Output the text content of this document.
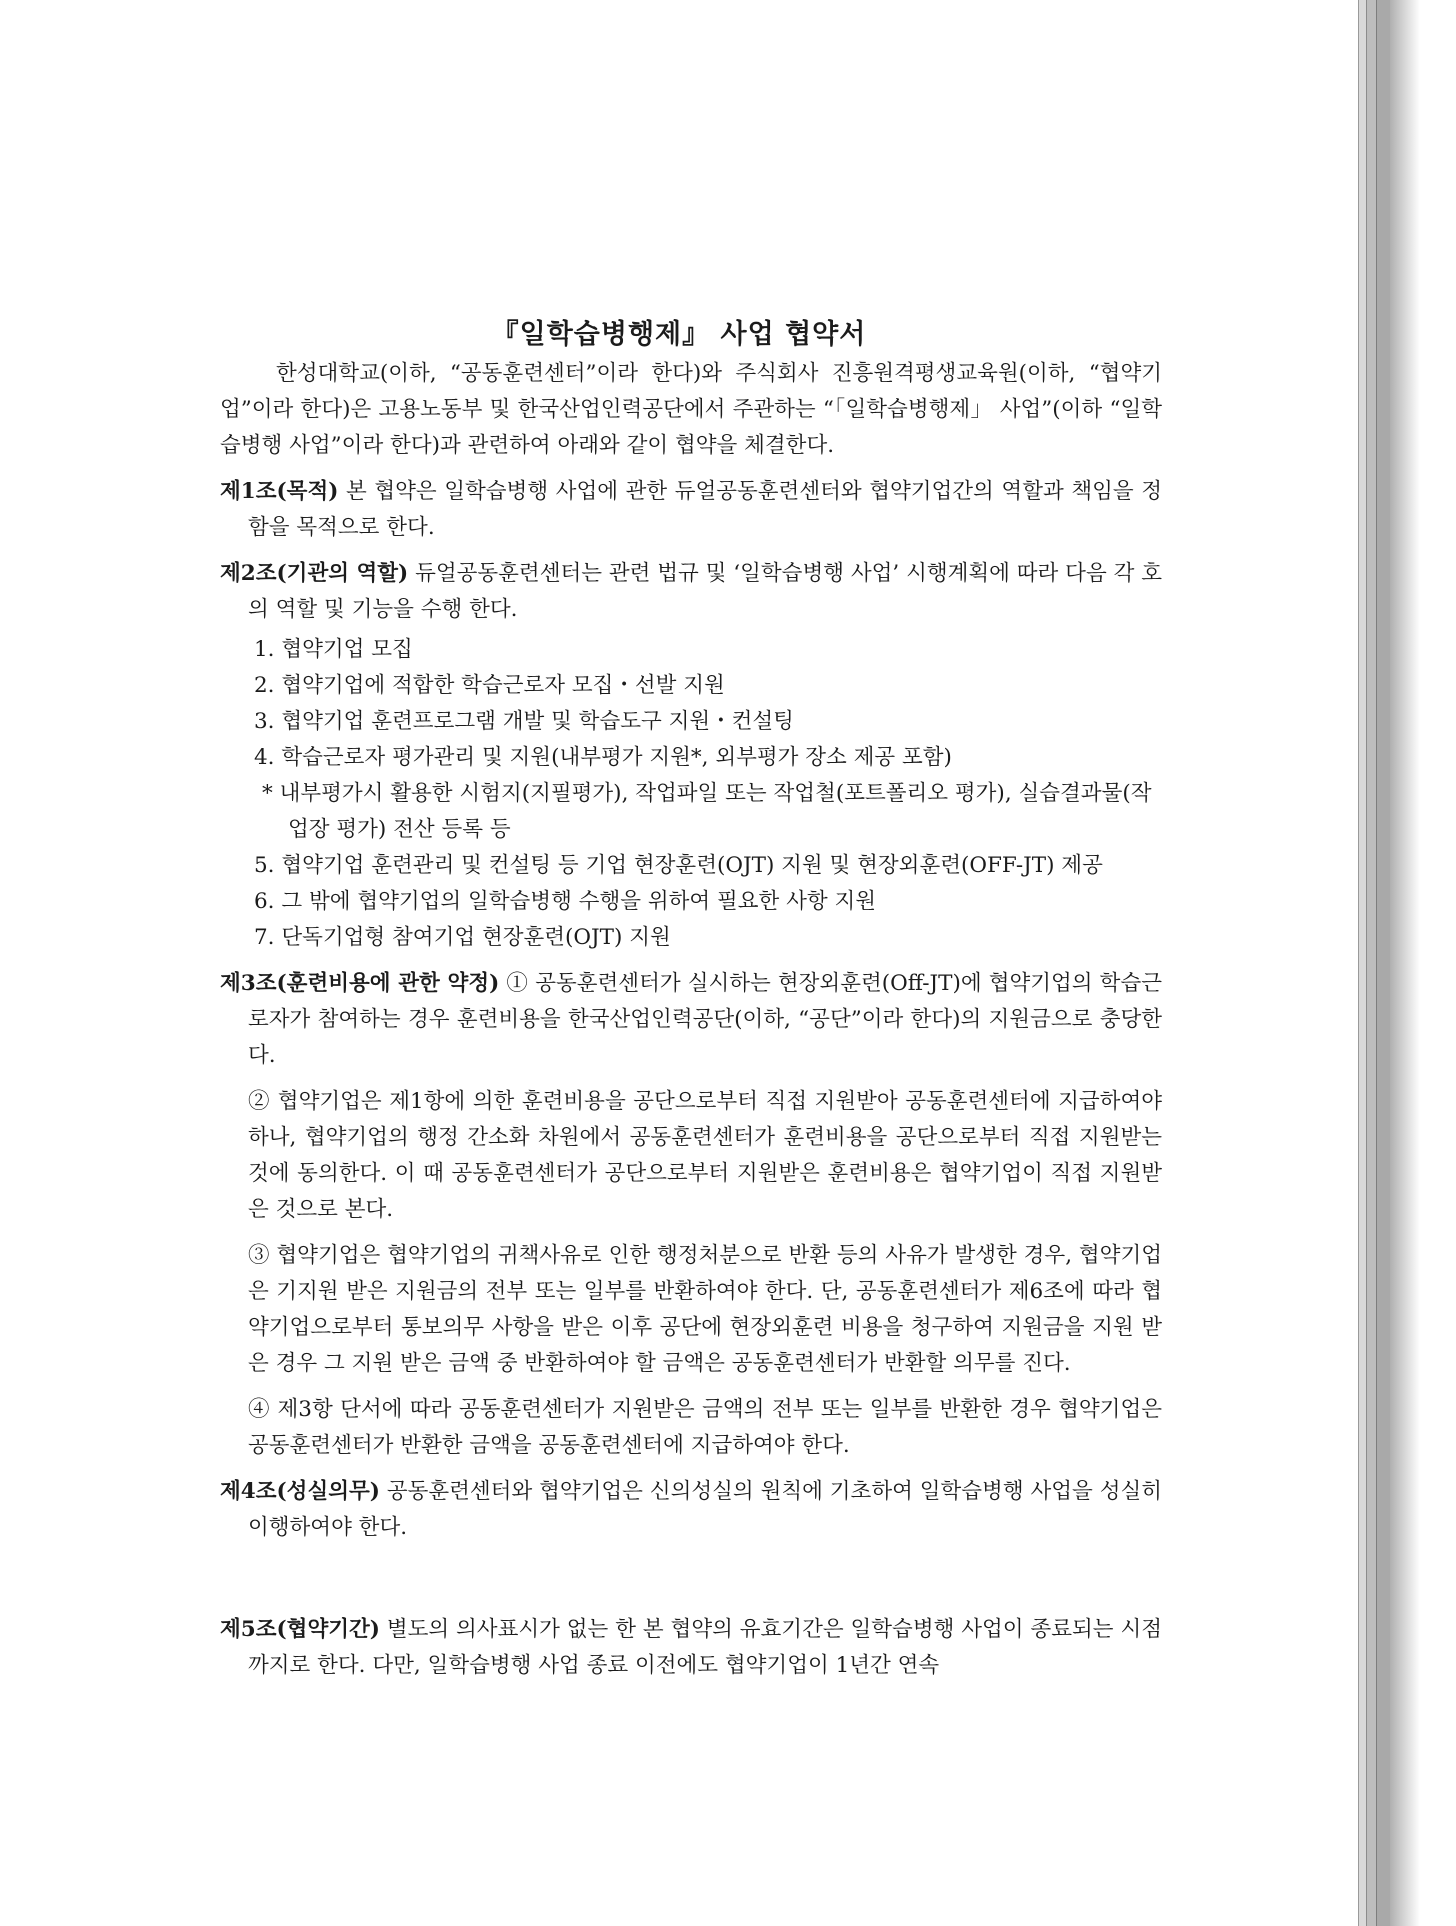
『일학습병행제』 사업 협약서

한성대학교(이하, “공동훈련센터”이라 한다)와 주식회사 진흥원격평생교육원(이하, “협약기업”이라 한다)은 고용노동부 및 한국산업인력공단에서 주관하는 “「일학습병행제」 사업”(이하 “일학습병행 사업”이라 한다)과 관련하여 아래와 같이 협약을 체결한다.

제1조(목적) 본 협약은 일학습병행 사업에 관한 듀얼공동훈련센터와 협약기업간의 역할과 책임을 정함을 목적으로 한다.

제2조(기관의 역할) 듀얼공동훈련센터는 관련 법규 및 ‘일학습병행 사업’ 시행계획에 따라 다음 각 호의 역할 및 기능을 수행 한다.
1. 협약기업 모집
2. 협약기업에 적합한 학습근로자 모집・선발 지원
3. 협약기업 훈련프로그램 개발 및 학습도구 지원・컨설팅
4. 학습근로자 평가관리 및 지원(내부평가 지원*, 외부평가 장소 제공 포함)

* 내부평가시 활용한 시험지(지필평가), 작업파일 또는 작업철(포트폴리오 평가), 실습결과물(작업장 평가) 전산 등록 등

5. 협약기업 훈련관리 및 컨설팅 등 기업 현장훈련(OJT) 지원 및 현장외훈련(OFF-JT) 제공
6. 그 밖에 협약기업의 일학습병행 수행을 위하여 필요한 사항 지원
7. 단독기업형 참여기업 현장훈련(OJT) 지원

제3조(훈련비용에 관한 약정) ① 공동훈련센터가 실시하는 현장외훈련(Off-JT)에 협약기업의 학습근로자가 참여하는 경우 훈련비용을 한국산업인력공단(이하, “공단”이라 한다)의 지원금으로 충당한다.

② 협약기업은 제1항에 의한 훈련비용을 공단으로부터 직접 지원받아 공동훈련센터에 지급하여야 하나, 협약기업의 행정 간소화 차원에서 공동훈련센터가 훈련비용을 공단으로부터 직접 지원받는 것에 동의한다. 이 때 공동훈련센터가 공단으로부터 지원받은 훈련비용은 협약기업이 직접 지원받은 것으로 본다.

③ 협약기업은 협약기업의 귀책사유로 인한 행정처분으로 반환 등의 사유가 발생한 경우, 협약기업은 기지원 받은 지원금의 전부 또는 일부를 반환하여야 한다. 단, 공동훈련센터가 제6조에 따라 협약기업으로부터 통보의무 사항을 받은 이후 공단에 현장외훈련 비용을 청구하여 지원금을 지원 받은 경우 그 지원 받은 금액 중 반환하여야 할 금액은 공동훈련센터가 반환할 의무를 진다.

④ 제3항 단서에 따라 공동훈련센터가 지원받은 금액의 전부 또는 일부를 반환한 경우 협약기업은 공동훈련센터가 반환한 금액을 공동훈련센터에 지급하여야 한다.

제4조(성실의무) 공동훈련센터와 협약기업은 신의성실의 원칙에 기초하여 일학습병행 사업을 성실히 이행하여야 한다.

제5조(협약기간) 별도의 의사표시가 없는 한 본 협약의 유효기간은 일학습병행 사업이 종료되는 시점까지로 한다. 다만, 일학습병행 사업 종료 이전에도 협약기업이 1년간 연속
